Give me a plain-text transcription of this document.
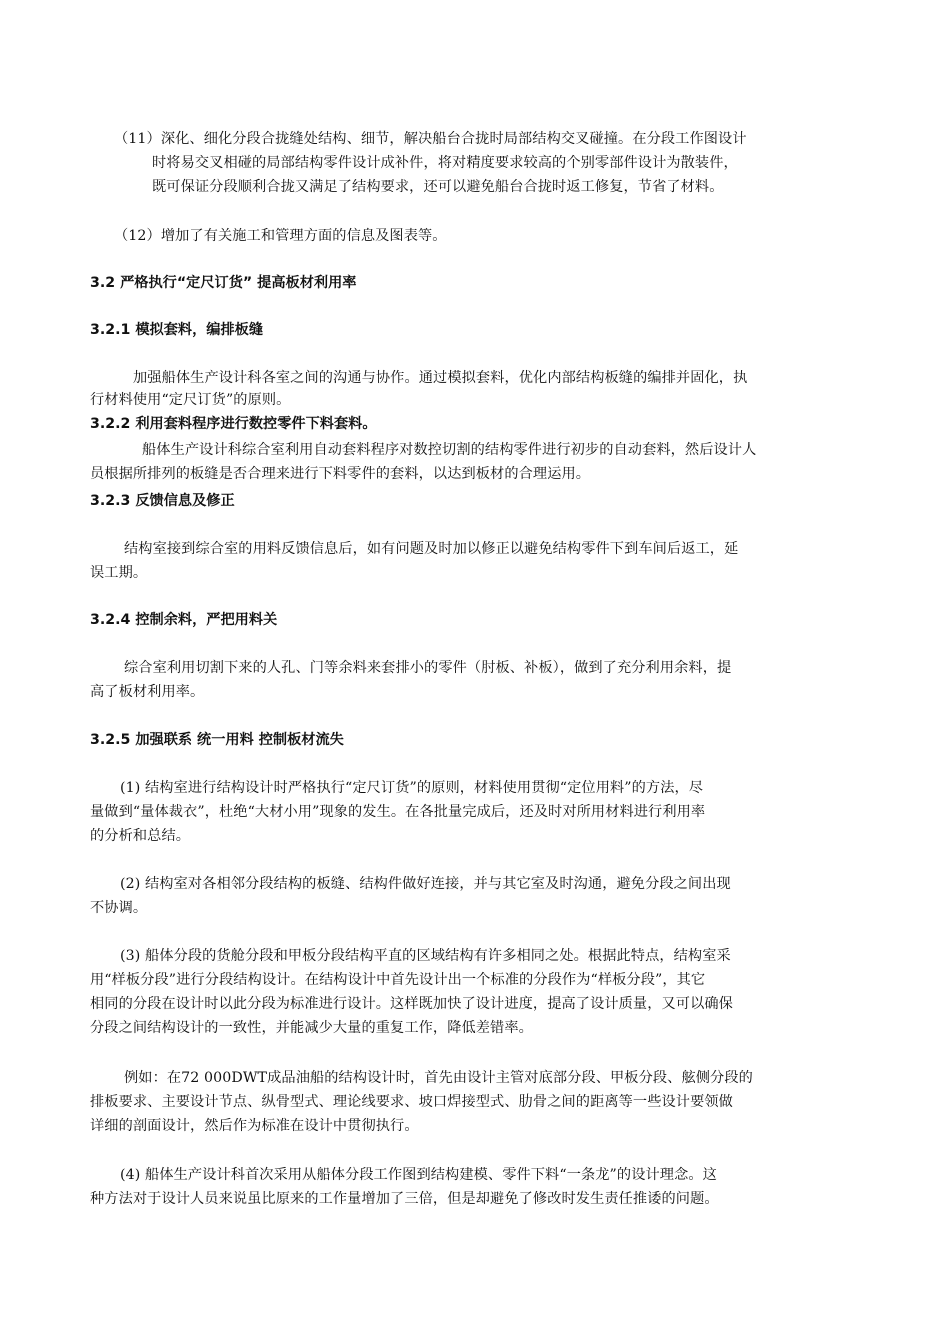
（11）深化、细化分段合拢缝处结构、细节，解决船台合拢时局部结构交叉碰撞。在分段工作图设计
时将易交叉相碰的局部结构零件设计成补件，将对精度要求较高的个别零部件设计为散装件，
既可保证分段顺利合拢又满足了结构要求，还可以避免船台合拢时返工修复，节省了材料。
（12）增加了有关施工和管理方面的信息及图表等。
3.2 严格执行“定尺订货” 提高板材利用率
3.2.1 模拟套料，编排板缝
加强船体生产设计科各室之间的沟通与协作。通过模拟套料，优化内部结构板缝的编排并固化，执
行材料使用“定尺订货”的原则。
3.2.2 利用套料程序进行数控零件下料套料。
船体生产设计科综合室利用自动套料程序对数控切割的结构零件进行初步的自动套料，然后设计人
员根据所排列的板缝是否合理来进行下料零件的套料，以达到板材的合理运用。
3.2.3 反馈信息及修正
结构室接到综合室的用料反馈信息后，如有问题及时加以修正以避免结构零件下到车间后返工，延
误工期。
3.2.4 控制余料，严把用料关
综合室利用切割下来的人孔、门等余料来套排小的零件（肘板、补板），做到了充分利用余料，提
高了板材利用率。
3.2.5 加强联系 统一用料 控制板材流失
(1) 结构室进行结构设计时严格执行“定尺订货”的原则，材料使用贯彻“定位用料”的方法，尽
量做到“量体裁衣”，杜绝“大材小用”现象的发生。在各批量完成后，还及时对所用材料进行利用率
的分析和总结。
(2) 结构室对各相邻分段结构的板缝、结构件做好连接，并与其它室及时沟通，避免分段之间出现
不协调。
(3) 船体分段的货舱分段和甲板分段结构平直的区域结构有许多相同之处。根据此特点，结构室采
用“样板分段”进行分段结构设计。在结构设计中首先设计出一个标准的分段作为“样板分段”，其它
相同的分段在设计时以此分段为标准进行设计。这样既加快了设计进度，提高了设计质量，又可以确保
分段之间结构设计的一致性，并能减少大量的重复工作，降低差错率。
例如：在72 000DWT成品油船的结构设计时，首先由设计主管对底部分段、甲板分段、舷侧分段的
排板要求、主要设计节点、纵骨型式、理论线要求、坡口焊接型式、肋骨之间的距离等一些设计要领做
详细的剖面设计，然后作为标准在设计中贯彻执行。
(4) 船体生产设计科首次采用从船体分段工作图到结构建模、零件下料“一条龙”的设计理念。这
种方法对于设计人员来说虽比原来的工作量增加了三倍，但是却避免了修改时发生责任推诿的问题。
